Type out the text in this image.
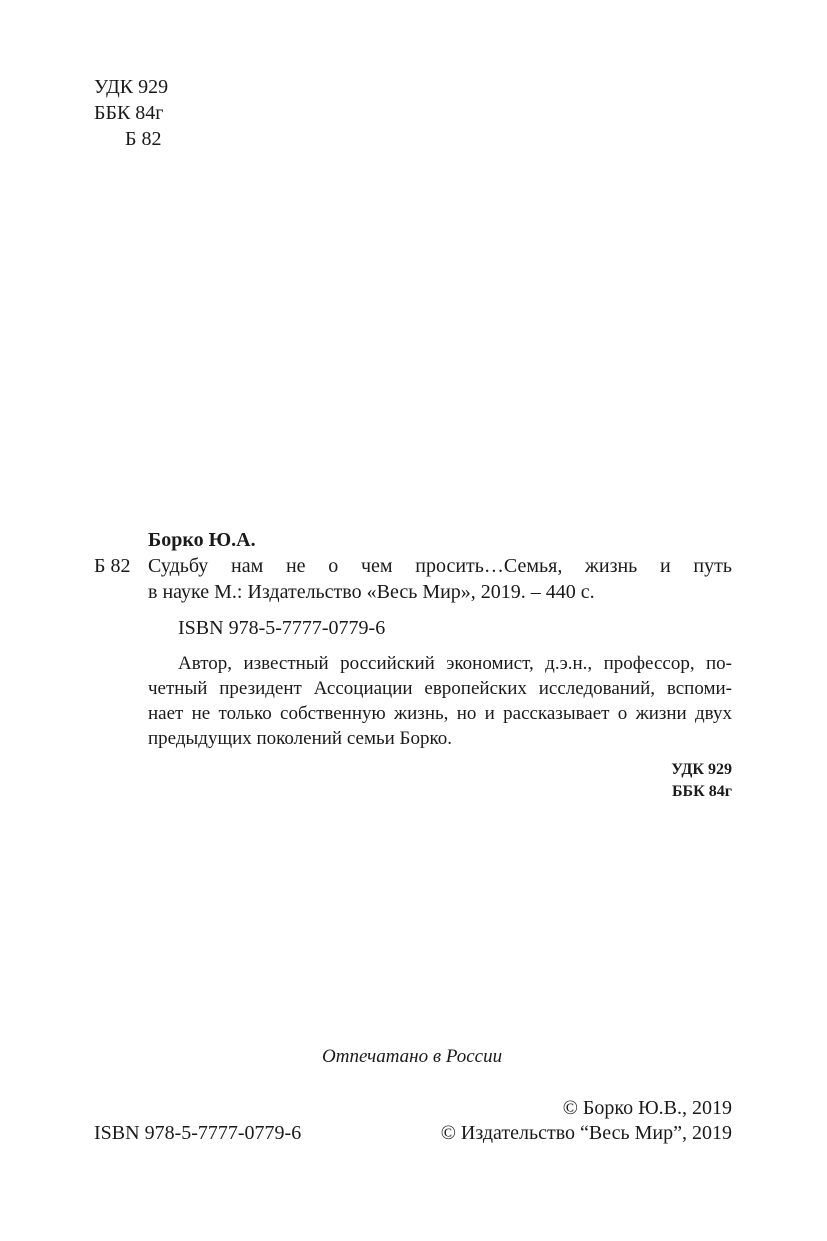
УДК 929
ББК 84г
Б 82
Борко Ю.А.
Б 82 Судьбу нам не о чем просить…Семья, жизнь и путь
в науке М.: Издательство «Весь Мир», 2019. – 440 с.
ISBN 978-5-7777-0779-6
Автор, известный российский экономист, д.э.н., профессор, по-
четный президент Ассоциации европейских исследований, вспоми-
нает не только собственную жизнь, но и рассказывает о жизни двух
предыдущих поколений семьи Борко.
УДК 929
ББК 84г
Отпечатано в России
© Борко Ю.В., 2019
ISBN 978-5-7777-0779-6	© Издательство “Весь Мир”, 2019
